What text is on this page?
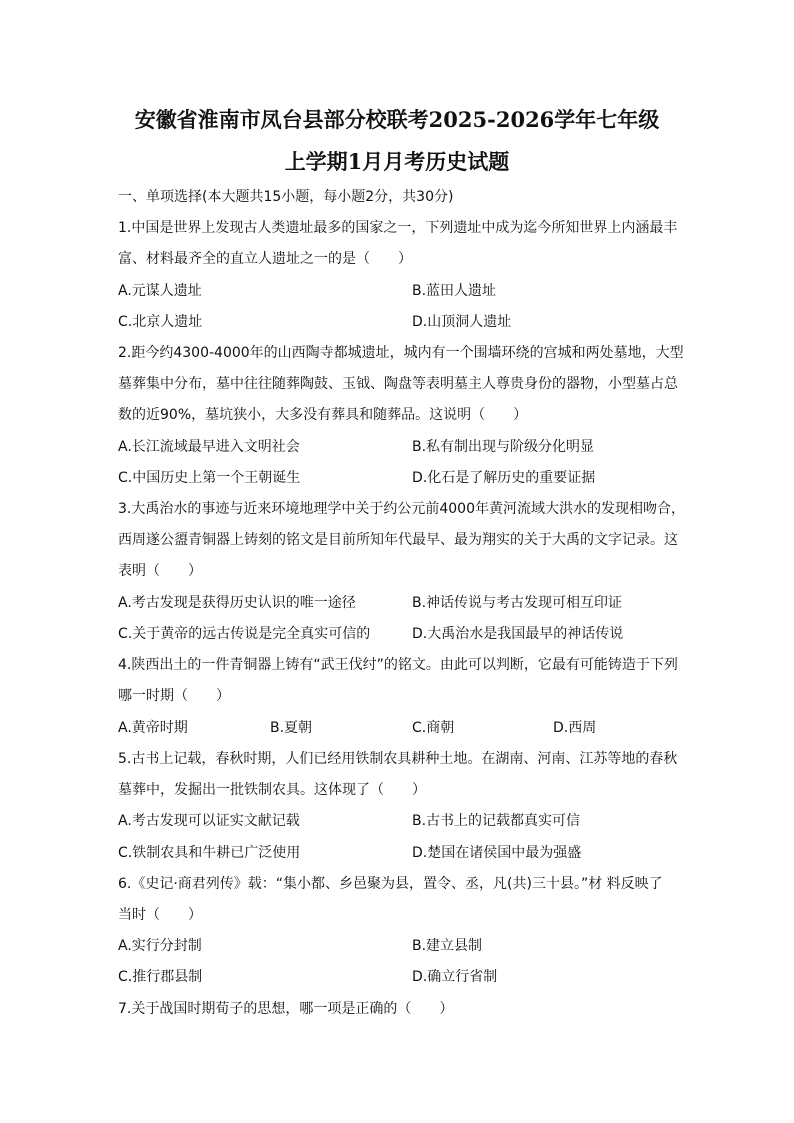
安徽省淮南市凤台县部分校联考2025-2026学年七年级
上学期1月月考历史试题
一、单项选择(本大题共15小题，每小题2分，共30分)
1.中国是世界上发现古人类遗址最多的国家之一，下列遗址中成为迄今所知世界上内涵最丰
富、材料最齐全的直立人遗址之一的是（　　）
A.元谋人遗址	B.蓝田人遗址
C.北京人遗址	D.山顶洞人遗址
2.距今约4300-4000年的山西陶寺都城遗址，城内有一个围墙环绕的宫城和两处墓地，大型
墓葬集中分布，墓中往往随葬陶鼓、玉钺、陶盘等表明墓主人尊贵身份的器物，小型墓占总
数的近90%，墓坑狭小，大多没有葬具和随葬品。这说明（　　）
A.长江流域最早进入文明社会	B.私有制出现与阶级分化明显
C.中国历史上第一个王朝诞生	D.化石是了解历史的重要证据
3.大禹治水的事迹与近来环境地理学中关于约公元前4000年黄河流域大洪水的发现相吻合，
西周遂公盨青铜器上铸刻的铭文是目前所知年代最早、最为翔实的关于大禹的文字记录。这
表明（　　）
A.考古发现是获得历史认识的唯一途径	B.神话传说与考古发现可相互印证
C.关于黄帝的远古传说是完全真实可信的	D.大禹治水是我国最早的神话传说
4.陕西出土的一件青铜器上铸有“武王伐纣”的铭文。由此可以判断，它最有可能铸造于下列
哪一时期（　　）
A.黄帝时期	B.夏朝	C.商朝	D.西周
5.古书上记载，春秋时期，人们已经用铁制农具耕种土地。在湖南、河南、江苏等地的春秋
墓葬中，发掘出一批铁制农具。这体现了（　　）
A.考古发现可以证实文献记载	B.古书上的记载都真实可信
C.铁制农具和牛耕已广泛使用	D.楚国在诸侯国中最为强盛
6.《史记·商君列传》载：“集小都、乡邑聚为县，置令、丞，凡(共)三十县。”材 料反映了
当时（　　）
A.实行分封制	B.建立县制
C.推行郡县制	D.确立行省制
7.关于战国时期荀子的思想，哪一项是正确的（　　）
